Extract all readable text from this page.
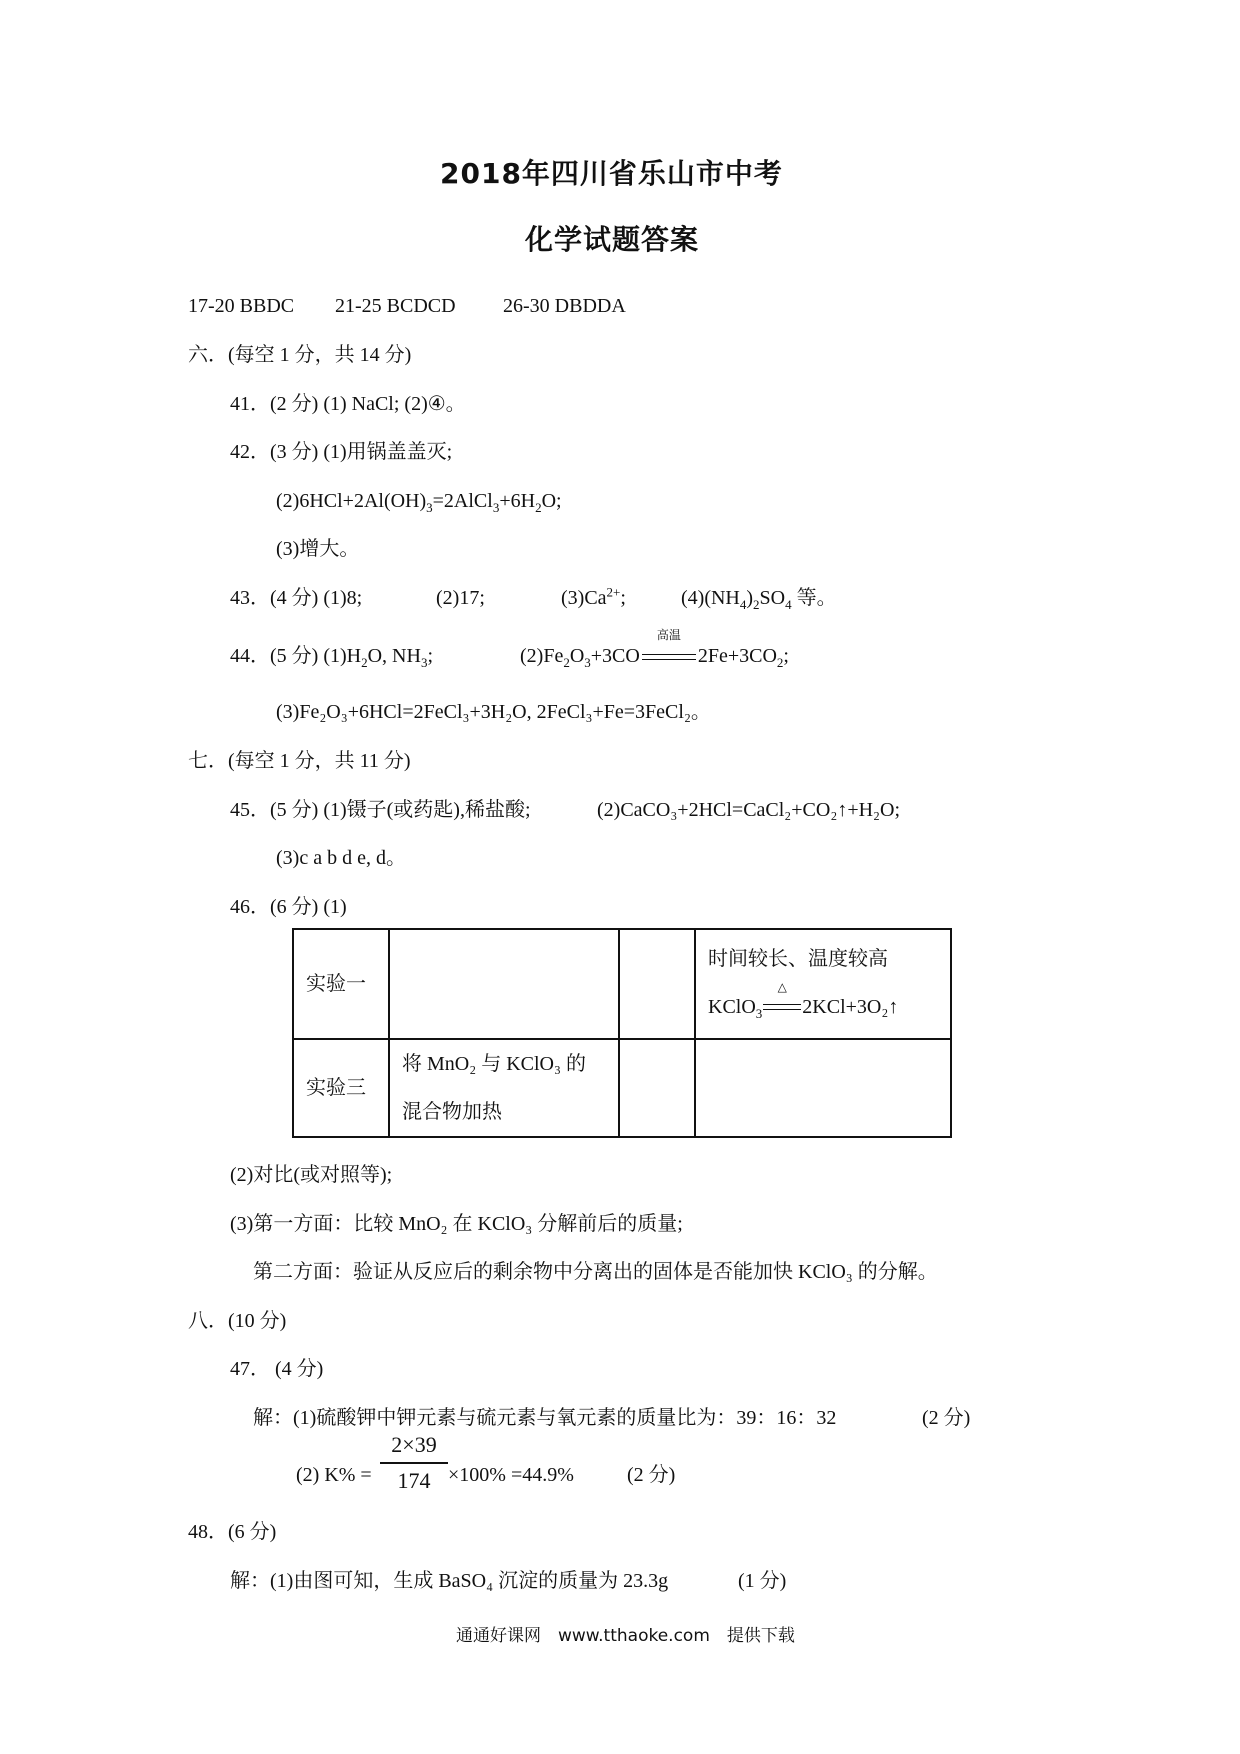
2018年四川省乐山市中考
化学试题答案
17-20 BBDC 21-25 BCDCD 26-30 DBDDA
六．(每空 1 分，共 14 分)
41．(2 分) (1) NaCl; (2)④。
42．(3 分) (1)用锅盖盖灭;
$(2)6HCl+2Al(OH)_3=2AlCl_3+6H_2O$;
(3)增大。
43．(4 分) (1)8;	(2)17;	$(3)Ca^{2+}$;	$(4)(NH_4)_2SO_4$ 等。
44．(5 分) $(1)H_2O$, $NH_3$;	$(2)Fe_2O_3+3CO$
高温
$2Fe+3CO_2$;
(3)Fe₂O₃+6HCl=2FeCl₃+3H₂O, 2FeCl₃+Fe=3FeCl₂。
七．(每空 1 分，共 11 分)
45．(5 分) (1)镊子(或药匙),稀盐酸;	(2)CaCO₃+2HCl=CaCl₂+CO₂↑+H₂O;
(3)c a b d e, d。
46．(6 分) (1)
实验一			时间较长、温度较高
KClO$_3$
△
2KCl+3O₂↑

实验三	将 MnO₂ 与 KClO₃ 的
混合物加热		

(2)对比(或对照等);
(3)第一方面：比较 MnO₂ 在 KClO₃ 分解前后的质量;
第二方面：验证从反应后的剩余物中分离出的固体是否能加快 KClO₃ 的分解。
八．(10 分)
47． (4 分)
解：(1)硫酸钾中钾元素与硫元素与氧元素的质量比为：39：16：32	(2 分)
(2) K% =
2×39
174 ×100% =44.9%	(2 分)
48．(6 分)
解：(1)由图可知，生成 BaSO₄ 沉淀的质量为 23.3g	(1 分)
通通好课网　www.tthaoke.com　提供下载
